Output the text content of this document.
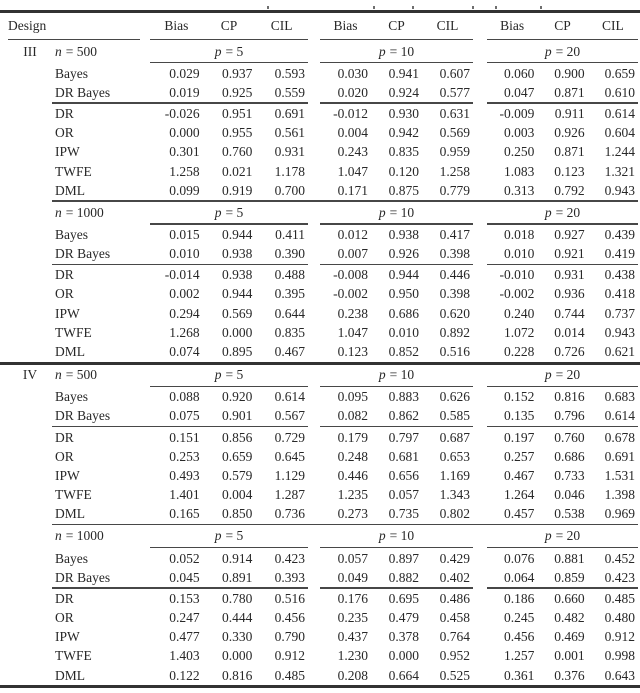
Design	Bias	CP	CIL	Bias	CP	CIL	Bias	CP	CIL
III	n = 500	p = 5	p = 10	p = 20
Bayes	0.029	0.937	0.593	0.030	0.941	0.607	0.060	0.900	0.659
DR Bayes	0.019	0.925	0.559	0.020	0.924	0.577	0.047	0.871	0.610
DR	-0.026	0.951	0.691	-0.012	0.930	0.631	-0.009	0.911	0.614
OR	0.000	0.955	0.561	0.004	0.942	0.569	0.003	0.926	0.604
IPW	0.301	0.760	0.931	0.243	0.835	0.959	0.250	0.871	1.244
TWFE	1.258	0.021	1.178	1.047	0.120	1.258	1.083	0.123	1.321
DML	0.099	0.919	0.700	0.171	0.875	0.779	0.313	0.792	0.943
n = 1000	p = 5	p = 10	p = 20
Bayes	0.015	0.944	0.411	0.012	0.938	0.417	0.018	0.927	0.439
DR Bayes	0.010	0.938	0.390	0.007	0.926	0.398	0.010	0.921	0.419
DR	-0.014	0.938	0.488	-0.008	0.944	0.446	-0.010	0.931	0.438
OR	0.002	0.944	0.395	-0.002	0.950	0.398	-0.002	0.936	0.418
IPW	0.294	0.569	0.644	0.238	0.686	0.620	0.240	0.744	0.737
TWFE	1.268	0.000	0.835	1.047	0.010	0.892	1.072	0.014	0.943
DML	0.074	0.895	0.467	0.123	0.852	0.516	0.228	0.726	0.621
IV	n = 500	p = 5	p = 10	p = 20
Bayes	0.088	0.920	0.614	0.095	0.883	0.626	0.152	0.816	0.683
DR Bayes	0.075	0.901	0.567	0.082	0.862	0.585	0.135	0.796	0.614
DR	0.151	0.856	0.729	0.179	0.797	0.687	0.197	0.760	0.678
OR	0.253	0.659	0.645	0.248	0.681	0.653	0.257	0.686	0.691
IPW	0.493	0.579	1.129	0.446	0.656	1.169	0.467	0.733	1.531
TWFE	1.401	0.004	1.287	1.235	0.057	1.343	1.264	0.046	1.398
DML	0.165	0.850	0.736	0.273	0.735	0.802	0.457	0.538	0.969
n = 1000	p = 5	p = 10	p = 20
Bayes	0.052	0.914	0.423	0.057	0.897	0.429	0.076	0.881	0.452
DR Bayes	0.045	0.891	0.393	0.049	0.882	0.402	0.064	0.859	0.423
DR	0.153	0.780	0.516	0.176	0.695	0.486	0.186	0.660	0.485
OR	0.247	0.444	0.456	0.235	0.479	0.458	0.245	0.482	0.480
IPW	0.477	0.330	0.790	0.437	0.378	0.764	0.456	0.469	0.912
TWFE	1.403	0.000	0.912	1.230	0.000	0.952	1.257	0.001	0.998
DML	0.122	0.816	0.485	0.208	0.664	0.525	0.361	0.376	0.643
